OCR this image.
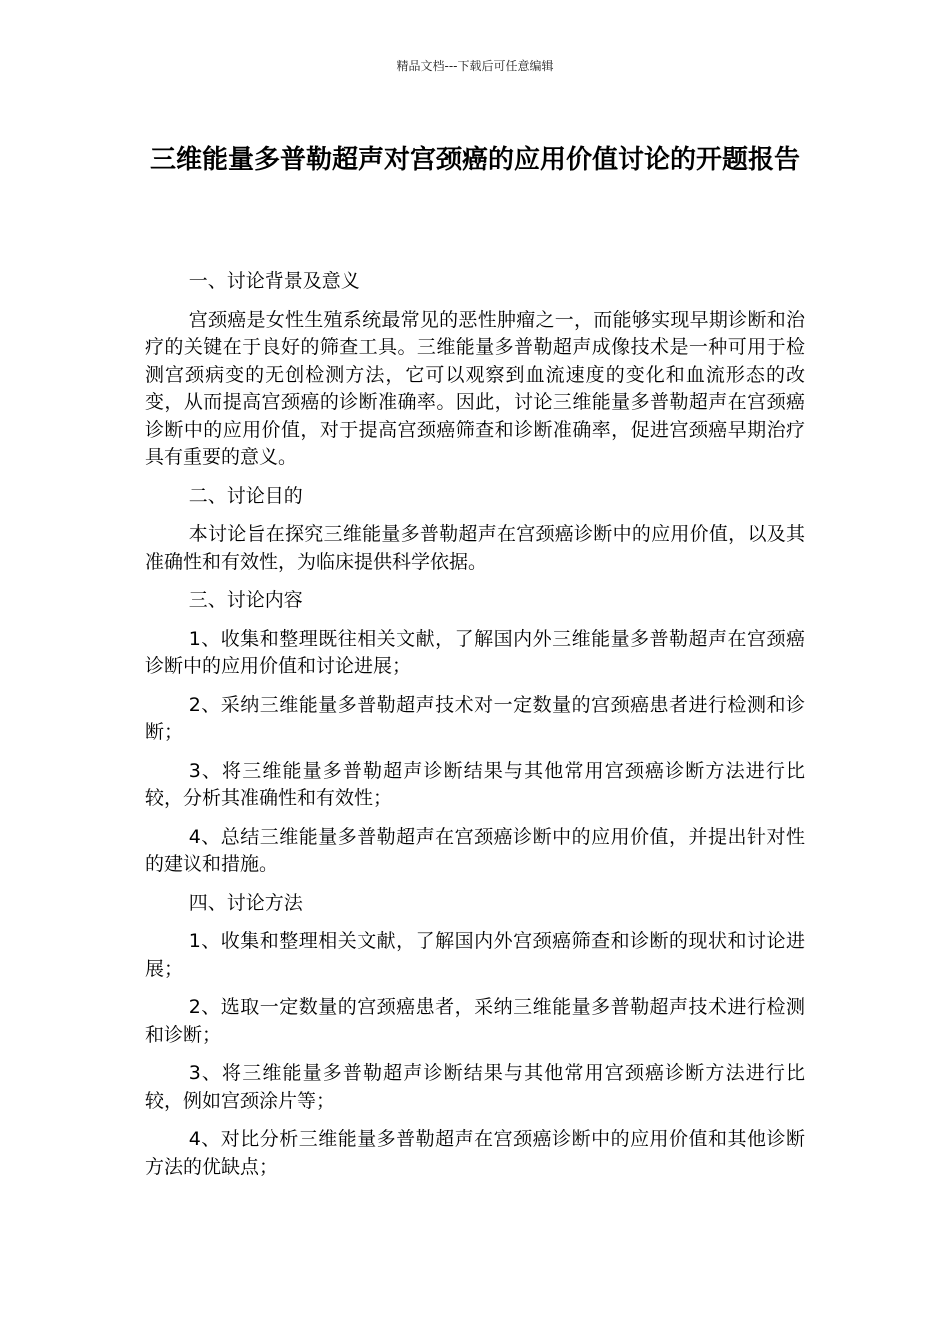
精品文档---下载后可任意编辑
三维能量多普勒超声对宫颈癌的应用价值讨论的开题报告

一、讨论背景及意义

宫颈癌是女性生殖系统最常见的恶性肿瘤之一，而能够实现早期诊断和治疗的关键在于良好的筛查工具。三维能量多普勒超声成像技术是一种可用于检测宫颈病变的无创检测方法，它可以观察到血流速度的变化和血流形态的改变，从而提高宫颈癌的诊断准确率。因此，讨论三维能量多普勒超声在宫颈癌诊断中的应用价值，对于提高宫颈癌筛查和诊断准确率，促进宫颈癌早期治疗具有重要的意义。

二、讨论目的

本讨论旨在探究三维能量多普勒超声在宫颈癌诊断中的应用价值，以及其准确性和有效性，为临床提供科学依据。

三、讨论内容

1、收集和整理既往相关文献，了解国内外三维能量多普勒超声在宫颈癌诊断中的应用价值和讨论进展；

2、采纳三维能量多普勒超声技术对一定数量的宫颈癌患者进行检测和诊断；

3、将三维能量多普勒超声诊断结果与其他常用宫颈癌诊断方法进行比较，分析其准确性和有效性；

4、总结三维能量多普勒超声在宫颈癌诊断中的应用价值，并提出针对性的建议和措施。

四、讨论方法

1、收集和整理相关文献，了解国内外宫颈癌筛查和诊断的现状和讨论进展；

2、选取一定数量的宫颈癌患者，采纳三维能量多普勒超声技术进行检测和诊断；

3、将三维能量多普勒超声诊断结果与其他常用宫颈癌诊断方法进行比较，例如宫颈涂片等；

4、对比分析三维能量多普勒超声在宫颈癌诊断中的应用价值和其他诊断方法的优缺点；
